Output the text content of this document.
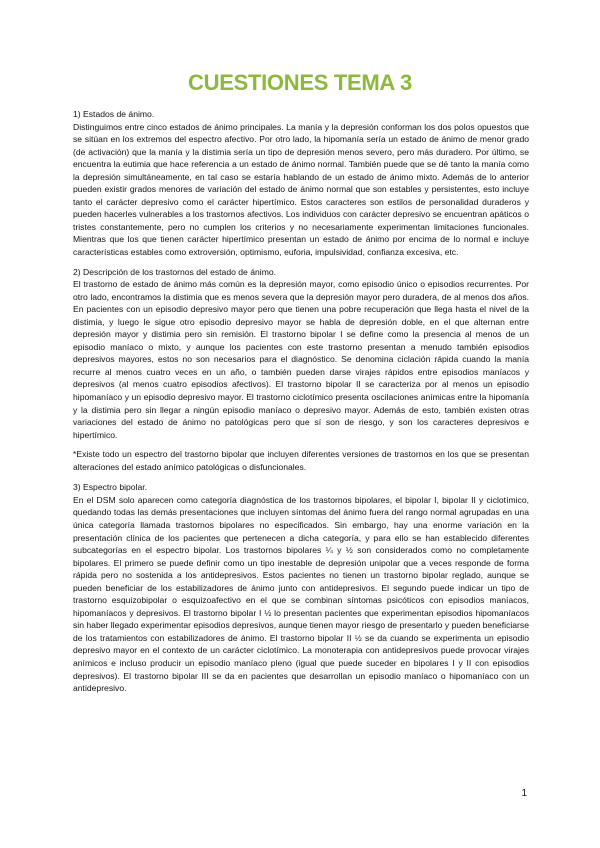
CUESTIONES TEMA 3

1) Estados de ánimo.

Distinguimos entre cinco estados de ánimo principales. La manía y la depresión conforman los dos polos opuestos que se sitúan en los extremos del espectro afectivo. Por otro lado, la hipomanía sería un estado de ánimo de menor grado (de activación) que la manía y la distimia sería un tipo de depresión menos severo, pero más duradero. Por último, se encuentra la eutimia que hace referencia a un estado de ánimo normal. También puede que se dé tanto la manía como la depresión simultáneamente, en tal caso se estaría hablando de un estado de ánimo mixto. Además de lo anterior pueden existir grados menores de variación del estado de ánimo normal que son estables y persistentes, esto incluye tanto el carácter depresivo como el carácter hipertímico. Estos caracteres son estilos de personalidad duraderos y pueden hacerles vulnerables a los trastornos afectivos. Los individuos con carácter depresivo se encuentran apáticos o tristes constantemente, pero no cumplen los criterios y no necesariamente experimentan limitaciones funcionales. Mientras que los que tienen carácter hipertímico presentan un estado de ánimo por encima de lo normal e incluye características estables como extroversión, optimismo, euforia, impulsividad, confianza excesiva, etc.

2) Descripción de los trastornos del estado de ánimo.

El trastorno de estado de ánimo más común es la depresión mayor, como episodio único o episodios recurrentes. Por otro lado, encontramos la distimia que es menos severa que la depresión mayor pero duradera, de al menos dos años. En pacientes con un episodio depresivo mayor pero que tienen una pobre recuperación que llega hasta el nivel de la distimia, y luego le sigue otro episodio depresivo mayor se habla de depresión doble, en el que alternan entre depresión mayor y distimia pero sin remisión. El trastorno bipolar I se define como la presencia al menos de un episodio maníaco o mixto, y aunque los pacientes con este trastorno presentan a menudo también episodios depresivos mayores, estos no son necesarios para el diagnóstico. Se denomina ciclación rápida cuando la manía recurre al menos cuatro veces en un año, o también pueden darse virajes rápidos entre episodios maníacos y depresivos (al menos cuatro episodios afectivos). El trastorno bipolar II se caracteriza por al menos un episodio hipomaníaco y un episodio depresivo mayor. El trastorno ciclotímico presenta oscilaciones anímicas entre la hipomanía y la distimia pero sin llegar a ningún episodio maníaco o depresivo mayor. Además de esto, también existen otras variaciones del estado de ánimo no patológicas pero que sí son de riesgo, y son los caracteres depresivos e hipertímico.

*Existe todo un espectro del trastorno bipolar que incluyen diferentes versiones de trastornos en los que se presentan alteraciones del estado anímico patológicas o disfuncionales.

3) Espectro bipolar.

En el DSM solo aparecen como categoría diagnóstica de los trastornos bipolares, el bipolar I, bipolar II y ciclotímico, quedando todas las demás presentaciones que incluyen síntomas del ánimo fuera del rango normal agrupadas en una única categoría llamada trastornos bipolares no especificados. Sin embargo, hay una enorme variación en la presentación clínica de los pacientes que pertenecen a dicha categoría, y para ello se han establecido diferentes subcategorías en el espectro bipolar. Los trastornos bipolares ¼ y ½ son considerados como no completamente bipolares. El primero se puede definir como un tipo inestable de depresión unipolar que a veces responde de forma rápida pero no sostenida a los antidepresivos. Estos pacientes no tienen un trastorno bipolar reglado, aunque se pueden beneficiar de los estabilizadores de ánimo junto con antidepresivos. El segundo puede indicar un tipo de trastorno esquizobipolar o esquizoafectivo en el que se combinan síntomas psicóticos con episodios maníacos, hipomaníacos y depresivos. El trastorno bipolar I ½ lo presentan pacientes que experimentan episodios hipomaníacos sin haber llegado experimentar episodios depresivos, aunque tienen mayor riesgo de presentarlo y pueden beneficiarse de los tratamientos con estabilizadores de ánimo. El trastorno bipolar II ½ se da cuando se experimenta un episodio depresivo mayor en el contexto de un carácter ciclotímico. La monoterapia con antidepresivos puede provocar virajes anímicos e incluso producir un episodio maníaco pleno (igual que puede suceder en bipolares I y II con episodios depresivos). El trastorno bipolar III se da en pacientes que desarrollan un episodio maníaco o hipomaníaco con un antidepresivo.

1
